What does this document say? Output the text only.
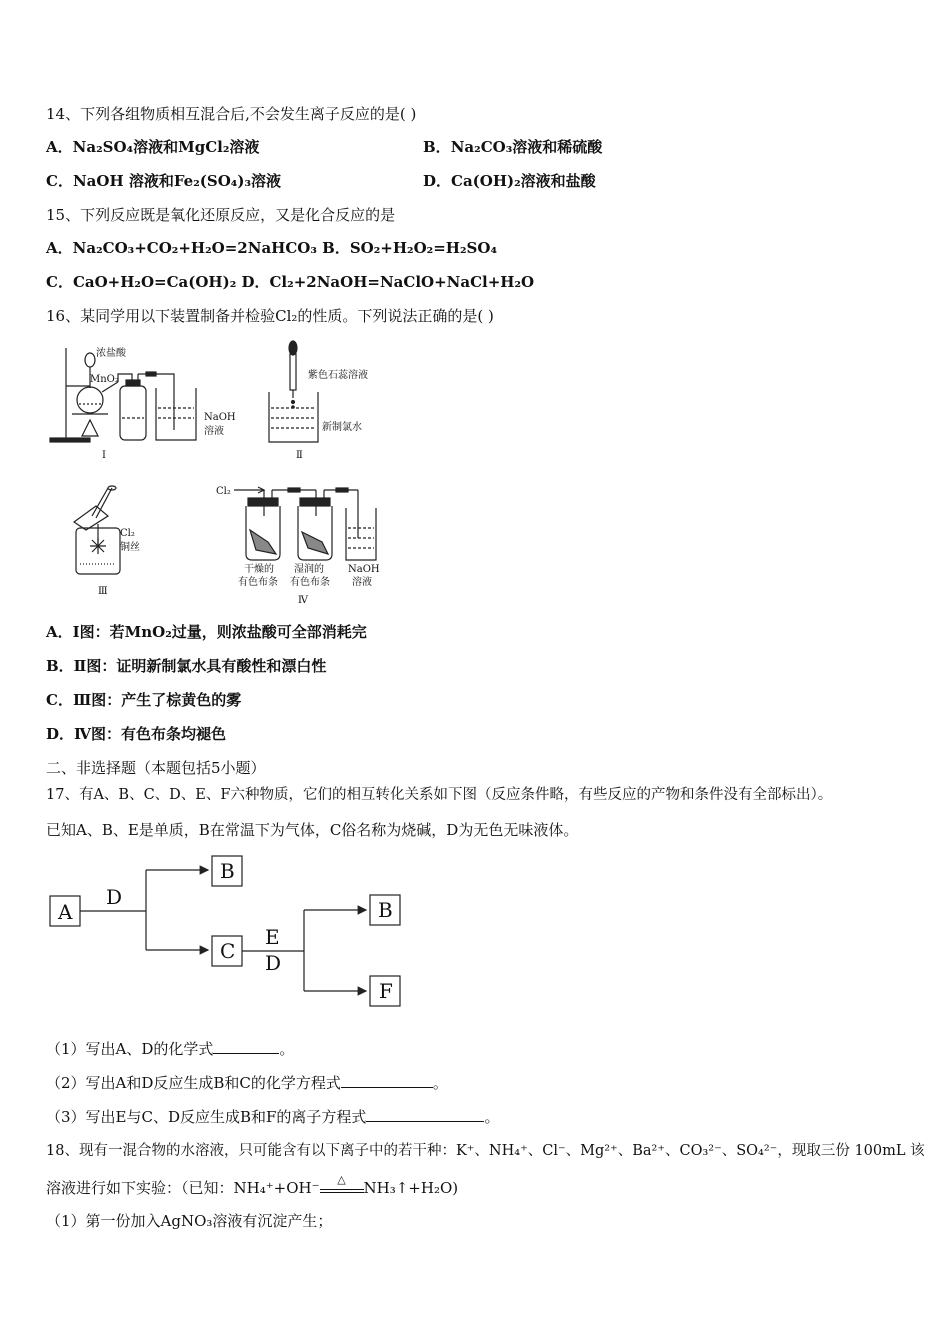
14、下列各组物质相互混合后,不会发生离子反应的是( )
A．Na₂SO₄溶液和MgCl₂溶液	B．Na₂CO₃溶液和稀硫酸
C．NaOH 溶液和Fe₂(SO₄)₃溶液	D．Ca(OH)₂溶液和盐酸
15、下列反应既是氧化还原反应，又是化合反应的是
A．Na₂CO₃+CO₂+H₂O=2NaHCO₃ B．SO₂+H₂O₂=H₂SO₄
C．CaO+H₂O=Ca(OH)₂ D．Cl₂+2NaOH=NaClO+NaCl+H₂O
16、某同学用以下装置制备并检验Cl₂的性质。下列说法正确的是( )
浓盐酸
MnO₂
NaOH
溶液
Ⅰ
紫色石蕊溶液
新制氯水
Ⅱ
Cl₂
铜丝
Ⅲ
Cl₂
干燥的
有色布条
湿润的
有色布条
NaOH
溶液
Ⅳ
A．Ⅰ图：若MnO₂过量，则浓盐酸可全部消耗完
B．Ⅱ图：证明新制氯水具有酸性和漂白性
C．Ⅲ图：产生了棕黄色的雾
D．Ⅳ图：有色布条均褪色
二、非选择题（本题包括5小题）
17、有A、B、C、D、E、F六种物质，它们的相互转化关系如下图（反应条件略，有些反应的产物和条件没有全部标出）。
已知A、B、E是单质，B在常温下为气体，C俗名称为烧碱，D为无色无味液体。
A
B
C
B
F
D
E
D
（1）写出A、D的化学式	。
（2）写出A和D反应生成B和C的化学方程式	。
（3）写出E与C、D反应生成B和F的离子方程式	。
18、现有一混合物的水溶液，只可能含有以下离子中的若干种：K⁺、NH₄⁺、Cl⁻、Mg²⁺、Ba²⁺、CO₃²⁻、SO₄²⁻，现取三份 100mL 该
溶液进行如下实验：（已知：NH₄⁺+OH⁻	△	NH₃↑+H₂O)
（1）第一份加入AgNO₃溶液有沉淀产生；
